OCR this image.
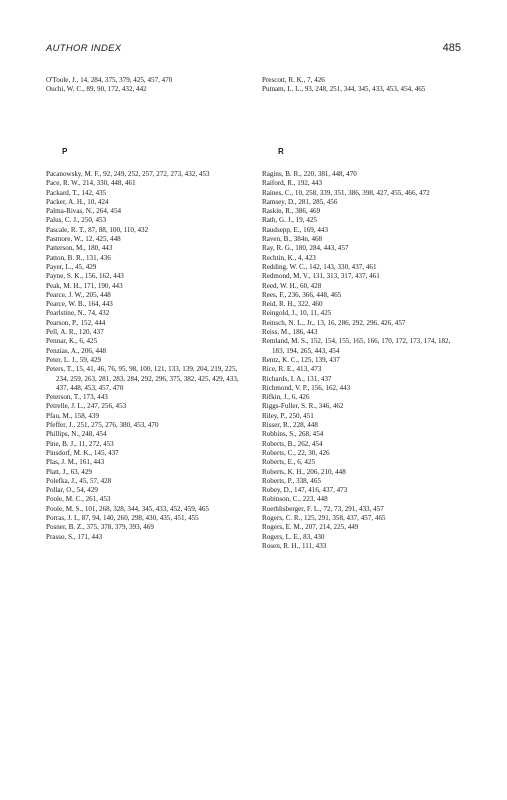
AUTHOR INDEX	485
O'Toole, J., 14, 284, 375, 379, 425, 457, 470
Ouchi, W. C., 89, 90, 172, 432, 442
Prescott, R. K., 7, 426
Putnam, L. L., 93, 248, 251, 344, 345, 433, 453, 454, 465
P	R
Pacanowsky, M. F., 92, 249, 252, 257, 272, 273, 432, 453
Pace, R. W., 214, 330, 448, 461
Packard, T., 142, 435
Packer, A. H., 10, 424
Palma-Rivas, N., 264, 454
Palus, C. J., 250, 453
Pascale, R. T., 87, 88, 100, 110, 432
Pasmore, W., 12, 425, 448
Patterson, M., 180, 443
Patton, B. R., 131, 436
Payer, L., 45, 429
Payne, S. K., 156, 162, 443
Peak, M. H., 171, 190, 443
Pearce, J. W., 205, 448
Pearce, W. B., 164, 443
Pearlstine, N., 74, 432
Pearson, P., 152, 444
Pell, A. R., 120, 437
Pennar, K., 6, 425
Penzias, A., 206, 448
Peter, L. J., 59, 429
Peters, T., 15, 41, 46, 76, 95, 98, 100, 121, 133, 139, 204, 219, 225, 234, 259, 263, 281, 283, 284, 292, 296, 375, 382, 425, 429, 433, 437, 448, 453, 457, 470
Peterson, T., 173, 443
Petrelle, J. L., 247, 256, 453
Pfau, M., 158, 439
Pfeffer, J., 251, 275, 276, 380, 453, 470
Phillips, N., 248, 454
Pine, B. J., 11, 272, 453
Pinsdorf, M. K., 145, 437
Plas, J. M., 161, 443
Platt, J., 63, 429
Polefka, J., 45, 57, 428
Pollar, O., 54, 429
Poole, M. C., 261, 453
Poole, M. S., 101, 268, 328, 344, 345, 433, 452, 459, 465
Porras, J. I., 87, 94, 140, 260, 298, 430, 435, 451, 455
Posner, B. Z., 375, 378, 379, 393, 469
Prasso, S., 171, 443
Ragins, B. R., 220, 381, 448, 470
Raiford, R., 192, 443
Raines, C., 10, 258, 339, 351, 386, 398, 427, 455, 466, 472
Ramsey, D., 281, 285, 456
Raskin, R., 386, 469
Rath, G. J., 19, 425
Raudsepp, E., 169, 443
Raven, B., 384n, 468
Ray, R. G., 180, 284, 443, 457
Rechtin, K., 4, 423
Redding, W. C., 142, 143, 330, 437, 461
Redmond, M. V., 131, 313, 317, 437, 461
Reed, W. H., 60, 428
Rees, F., 236, 366, 448, 465
Reid, R. H., 322, 460
Reingold, J., 10, 11, 425
Reinsch, N. L., Jr., 13, 16, 286, 292, 296, 426, 457
Reiss, M., 186, 443
Remland, M. S., 152, 154, 155, 165, 166, 170, 172, 173, 174, 182, 183, 194, 265, 443, 454
Rentz, K. C., 125, 139, 437
Rice, R. E., 413, 473
Richards, I. A., 131, 437
Richmond, V. P., 156, 162, 443
Rifkin, J., 6, 426
Riggs-Fuller, S. R., 346, 462
Riley, P., 250, 451
Risser, R., 228, 448
Robbins, S., 268, 454
Roberts, B., 262, 454
Roberts, C., 22, 30, 426
Roberts, E., 6, 425
Roberts, K. H., 206, 210, 448
Roberts, P., 338, 465
Robey, D., 147, 416, 437, 473
Robinson, C., 223, 448
Roethlisberger, F. L., 72, 73, 291, 433, 457
Rogers, C. R., 125, 291, 358, 437, 457, 465
Rogers, E. M., 207, 214, 225, 449
Rogers, L. E., 83, 430
Rosen, R. H., 111, 433
